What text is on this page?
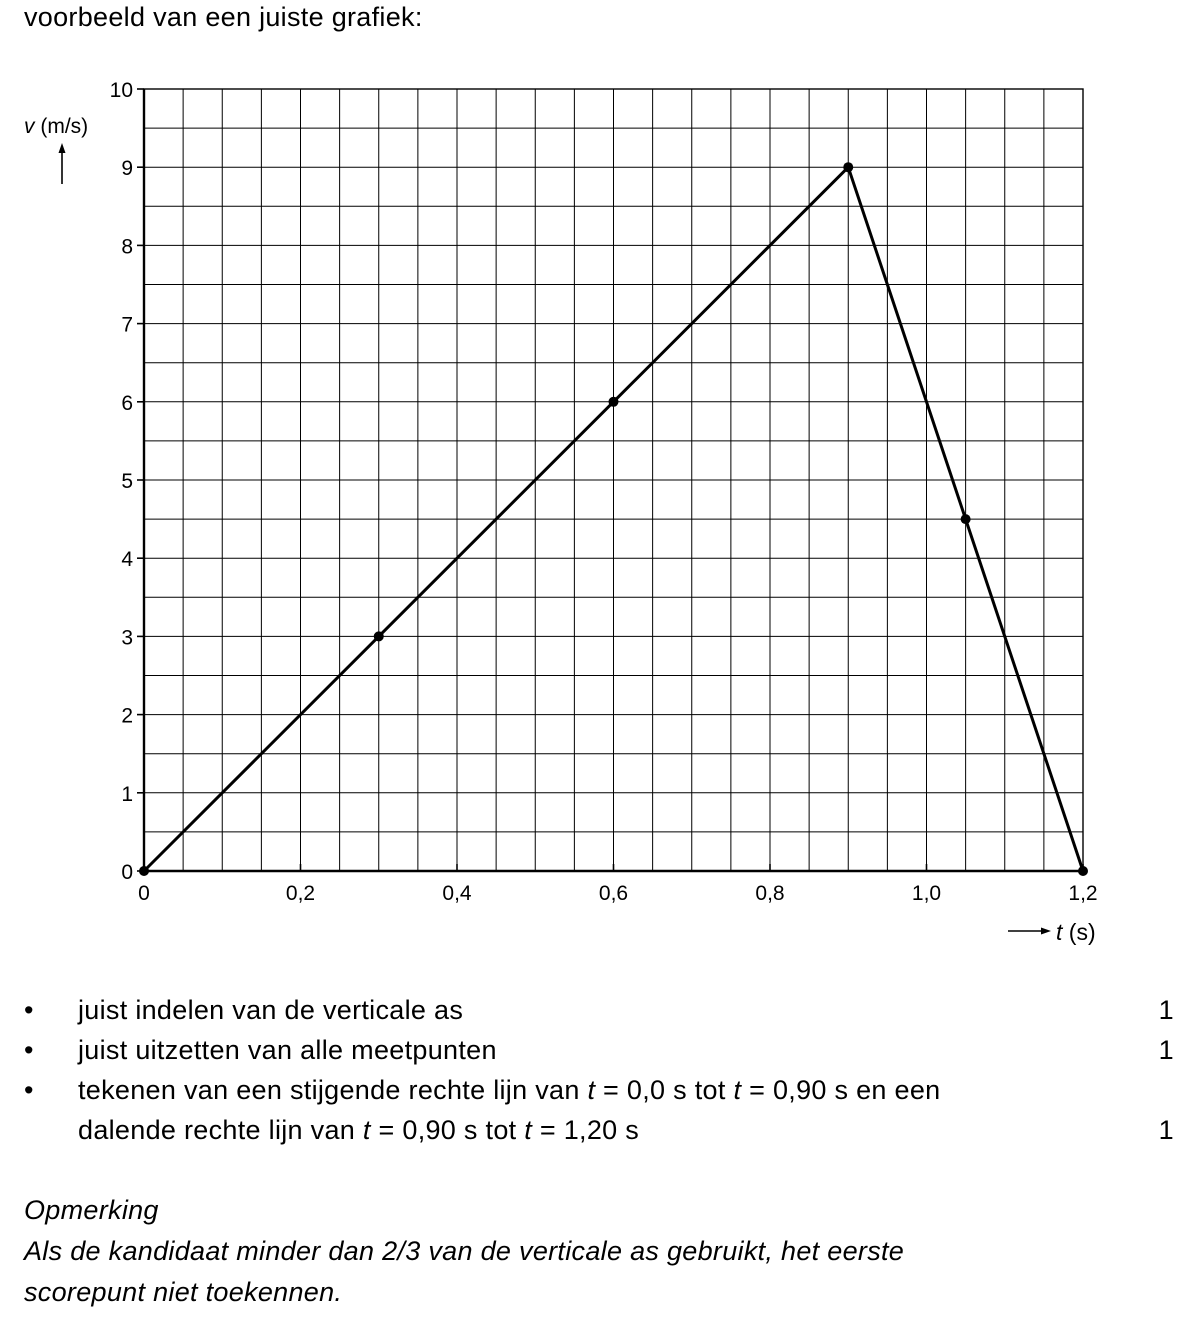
voorbeeld van een juiste grafiek:
0
1
2
3
4
5
6
7
8
9
10
0	0,2	0,4	0,6	0,8	1,0	1,2
v (m/s)
t (s)
• juist indelen van de verticale as	1
• juist uitzetten van alle meetpunten	1
• tekenen van een stijgende rechte lijn van t = 0,0 s tot t = 0,90 s en een
dalende rechte lijn van t = 0,90 s tot t = 1,20 s	1
Opmerking
Als de kandidaat minder dan 2/3 van de verticale as gebruikt, het eerste
scorepunt niet toekennen.
